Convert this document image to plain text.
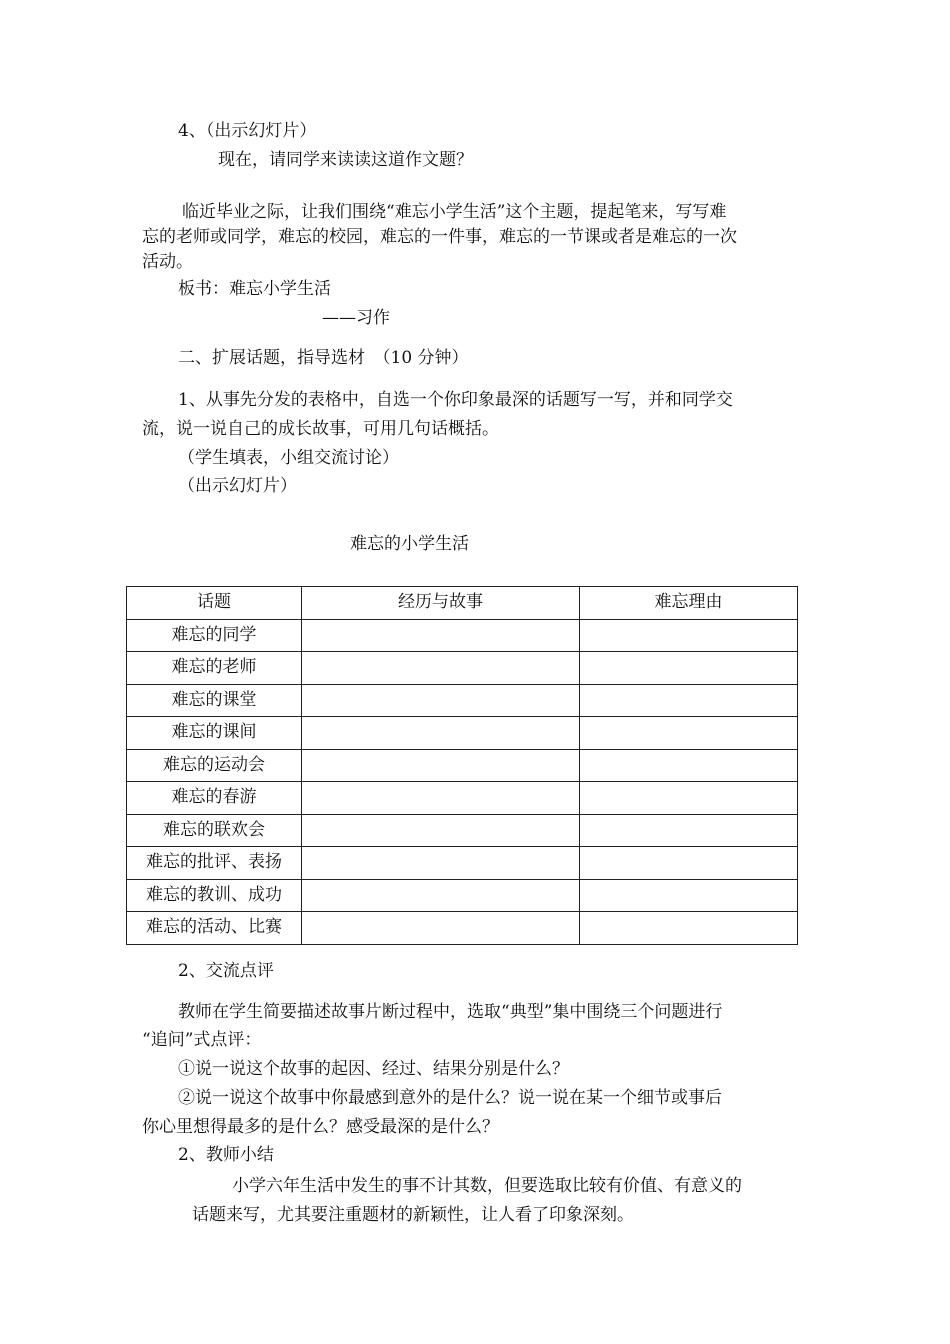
4、（出示幻灯片）
现在，请同学来读读这道作文题？
临近毕业之际，让我们围绕“难忘小学生活”这个主题，提起笔来，写写难
忘的老师或同学，难忘的校园，难忘的一件事，难忘的一节课或者是难忘的一次
活动。
板书：难忘小学生活
——习作
二、扩展话题，指导选材　（10 分钟）
1、从事先分发的表格中，自选一个你印象最深的话题写一写，并和同学交
流，说一说自己的成长故事，可用几句话概括。
（学生填表，小组交流讨论）
（出示幻灯片）
难忘的小学生活
话题	经历与故事	难忘理由
难忘的同学		
难忘的老师		
难忘的课堂		
难忘的课间		
难忘的运动会		
难忘的春游		
难忘的联欢会		
难忘的批评、表扬		
难忘的教训、成功		
难忘的活动、比赛		
2、交流点评
教师在学生简要描述故事片断过程中，选取“典型”集中围绕三个问题进行
“追问”式点评：
①说一说这个故事的起因、经过、结果分别是什么？
②说一说这个故事中你最感到意外的是什么？说一说在某一个细节或事后
你心里想得最多的是什么？感受最深的是什么？
2、教师小结
小学六年生活中发生的事不计其数，但要选取比较有价值、有意义的
话题来写，尤其要注重题材的新颖性，让人看了印象深刻。
